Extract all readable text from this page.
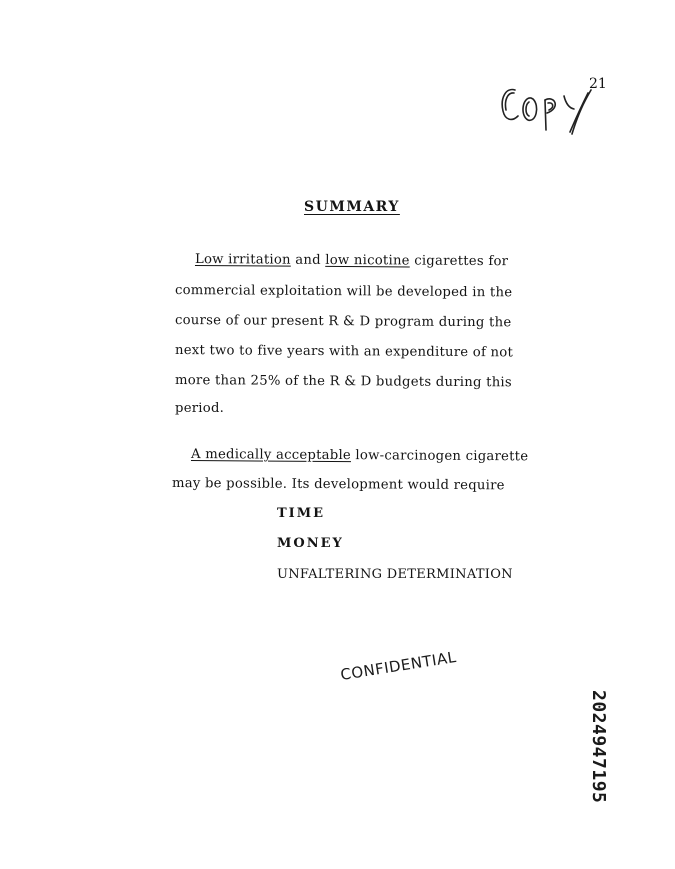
21
SUMMARY
Low irritation and low nicotine cigarettes for
commercial exploitation will be developed in the
course of our present R & D program during the
next two to five years with an expenditure of not
more than 25% of the R & D budgets during this
period.
A medically acceptable low-carcinogen cigarette
may be possible. Its development would require
TIME
MONEY
UNFALTERING DETERMINATION
CONFIDENTIAL
2024947195
